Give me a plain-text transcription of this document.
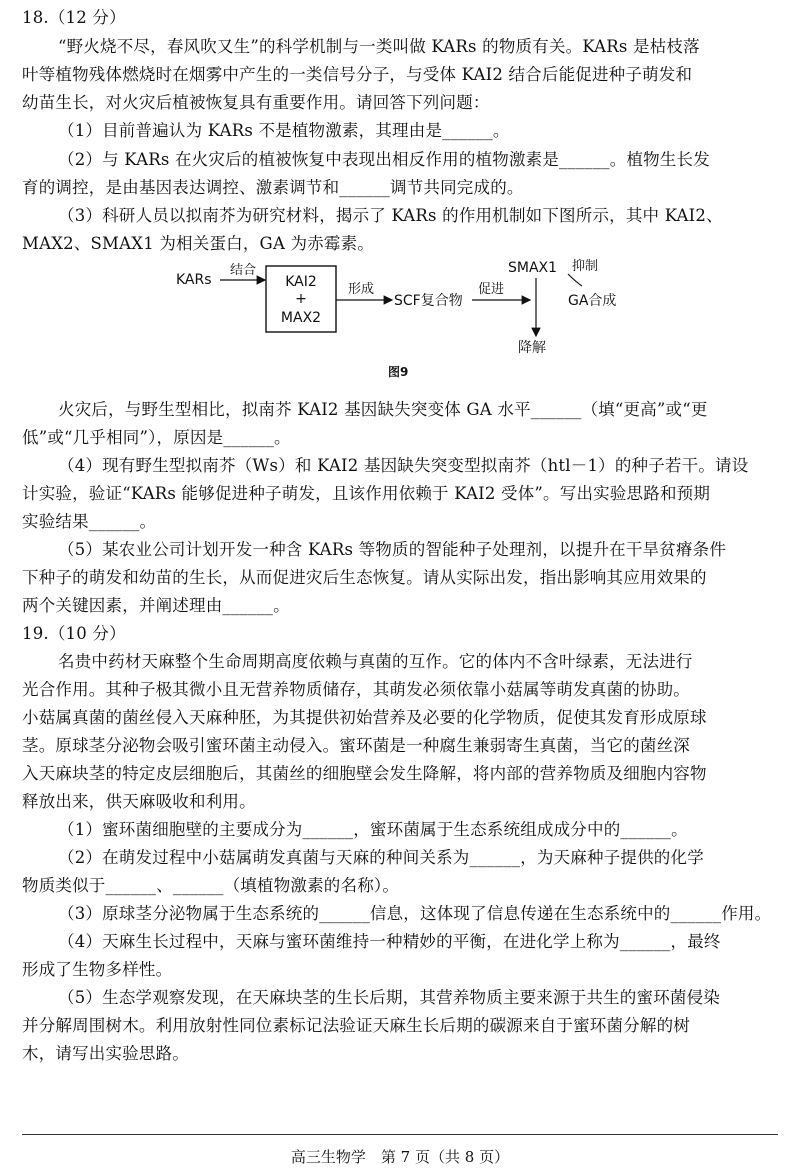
18.（12 分）
“野火烧不尽，春风吹又生”的科学机制与一类叫做 KARs 的物质有关。KARs 是枯枝落
叶等植物残体燃烧时在烟雾中产生的一类信号分子，与受体 KAI2 结合后能促进种子萌发和
幼苗生长，对火灾后植被恢复具有重要作用。请回答下列问题：
（1）目前普遍认为 KARs 不是植物激素，其理由是______。
（2）与 KARs 在火灾后的植被恢复中表现出相反作用的植物激素是______。植物生长发
育的调控，是由基因表达调控、激素调节和______调节共同完成的。
（3）科研人员以拟南芥为研究材料，揭示了 KARs 的作用机制如下图所示，其中 KAI2、
MAX2、SMAX1 为相关蛋白，GA 为赤霉素。
KARs
结合
KAI2
+
MAX2
形成
SCF复合物
促进
SMAX1 抑制
GA合成
降解
图9
火灾后，与野生型相比，拟南芥 KAI2 基因缺失突变体 GA 水平______（填“更高”或“更
低”或“几乎相同”），原因是______。
（4）现有野生型拟南芥（Ws）和 KAI2 基因缺失突变型拟南芥（htl－1）的种子若干。请设
计实验，验证“KARs 能够促进种子萌发，且该作用依赖于 KAI2 受体”。写出实验思路和预期
实验结果______。
（5）某农业公司计划开发一种含 KARs 等物质的智能种子处理剂，以提升在干旱贫瘠条件
下种子的萌发和幼苗的生长，从而促进灾后生态恢复。请从实际出发，指出影响其应用效果的
两个关键因素，并阐述理由______。
19.（10 分）
名贵中药材天麻整个生命周期高度依赖与真菌的互作。它的体内不含叶绿素，无法进行
光合作用。其种子极其微小且无营养物质储存，其萌发必须依靠小菇属等萌发真菌的协助。
小菇属真菌的菌丝侵入天麻种胚，为其提供初始营养及必要的化学物质，促使其发育形成原球
茎。原球茎分泌物会吸引蜜环菌主动侵入。蜜环菌是一种腐生兼弱寄生真菌，当它的菌丝深
入天麻块茎的特定皮层细胞后，其菌丝的细胞壁会发生降解，将内部的营养物质及细胞内容物
释放出来，供天麻吸收和利用。
（1）蜜环菌细胞壁的主要成分为______，蜜环菌属于生态系统组成成分中的______。
（2）在萌发过程中小菇属萌发真菌与天麻的种间关系为______，为天麻种子提供的化学
物质类似于______、______（填植物激素的名称）。
（3）原球茎分泌物属于生态系统的______信息，这体现了信息传递在生态系统中的______作用。
（4）天麻生长过程中，天麻与蜜环菌维持一种精妙的平衡，在进化学上称为______，最终
形成了生物多样性。
（5）生态学观察发现，在天麻块茎的生长后期，其营养物质主要来源于共生的蜜环菌侵染
并分解周围树木。利用放射性同位素标记法验证天麻生长后期的碳源来自于蜜环菌分解的树
木，请写出实验思路。
高三生物学　第 7 页（共 8 页）
